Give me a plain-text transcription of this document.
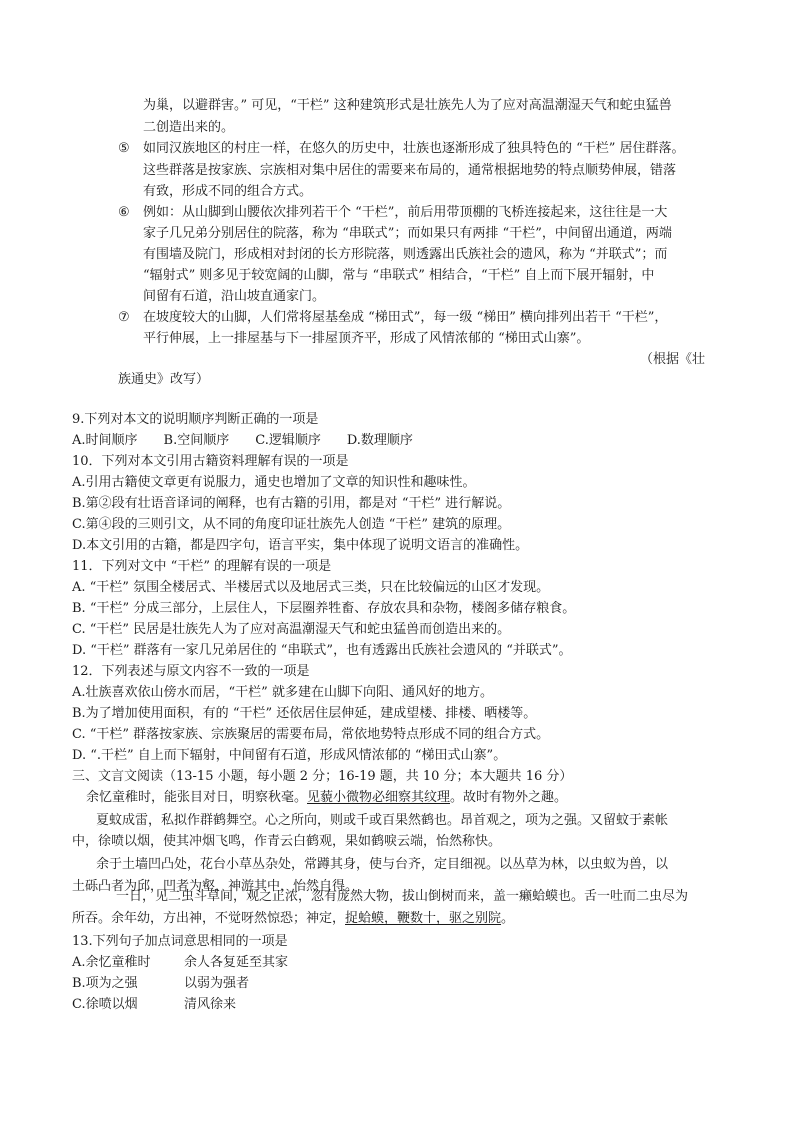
为巢，以避群害。” 可见，“干栏” 这种建筑形式是壮族先人为了应对高温潮湿天气和蛇虫猛兽
二创造出来的。
⑤ 如同汉族地区的村庄一样，在悠久的历史中，壮族也逐渐形成了独具特色的 “干栏” 居住群落。
这些群落是按家族、宗族相对集中居住的需要来布局的，通常根据地势的特点顺势伸展，错落
有致，形成不同的组合方式。
⑥ 例如：从山脚到山腰依次排列若干个 “干栏”，前后用带顶棚的飞桥连接起来，这往往是一大
家子几兄弟分别居住的院落，称为 “串联式”；而如果只有两排 “干栏”，中间留出通道，两端
有围墙及院门，形成相对封闭的长方形院落，则透露出氏族社会的遗风，称为 “并联式”；而
“辐射式” 则多见于较宽阔的山脚，常与 “串联式” 相结合，“干栏” 自上而下展开辐射，中
间留有石道，沿山坡直通家门。
⑦ 在坡度较大的山脚，人们常将屋基垒成 “梯田式”，每一级 “梯田” 横向排列出若干 “干栏”，
平行伸展，上一排屋基与下一排屋顶齐平，形成了风情浓郁的 “梯田式山寨”。
（根据《壮
族通史》改写）
9.下列对本文的说明顺序判断正确的一项是
A.时间顺序 B.空间顺序 C.逻辑顺序 D.数理顺序
10．下列对本文引用古籍资料理解有误的一项是
A.引用古籍使文章更有说服力，通史也增加了文章的知识性和趣味性。
B.第②段有壮语音译词的阐释，也有古籍的引用，都是对 “干栏” 进行解说。
C.第④段的三则引文，从不同的角度印证壮族先人创造 “干栏” 建筑的原理。
D.本文引用的古籍，都是四字句，语言平实，集中体现了说明文语言的准确性。
11．下列对文中 “干栏” 的理解有误的一项是
A. “干栏” 氛围全楼居式、半楼居式以及地居式三类，只在比较偏远的山区才发现。
B. “干栏” 分成三部分，上层住人，下层圈养牲畜、存放农具和杂物，楼阁多储存粮食。
C. “干栏” 民居是壮族先人为了应对高温潮湿天气和蛇虫猛兽而创造出来的。
D. “干栏” 群落有一家几兄弟居住的 “串联式”，也有透露出氏族社会遗风的 “并联式”。
12．下列表述与原文内容不一致的一项是
A.壮族喜欢依山傍水而居，“干栏” 就多建在山脚下向阳、通风好的地方。
B.为了增加使用面积，有的 “干栏” 还依居住层伸延，建成望楼、排楼、晒楼等。
C. “干栏” 群落按家族、宗族聚居的需要布局，常依地势特点形成不同的组合方式。
D. “.干栏” 自上而下辐射，中间留有石道，形成风情浓郁的 “梯田式山寨”。
三、文言文阅读（13-15 小题，每小题 2 分；16-19 题，共 10 分；本大题共 16 分）
余忆童稚时，能张目对日，明察秋毫。见藐小微物必细察其纹理。故时有物外之趣。
夏蚊成雷，私拟作群鹤舞空。心之所向，则或千或百果然鹤也。昂首观之，项为之强。又留蚊于素帐
中，徐喷以烟，使其冲烟飞鸣，作青云白鹤观，果如鹤唳云端，怡然称快。
余于土墙凹凸处，花台小草丛杂处，常蹲其身，使与台齐，定目细视。以丛草为林，以虫蚁为兽，以
土砾凸者为邱，凹者为壑，神游其中，怡然自得。
一日，见二虫斗草间，观之正浓，忽有庞然大物，拔山倒树而来，盖一癞蛤蟆也。舌一吐而二虫尽为
所吞。余年幼，方出神，不觉呀然惊恐；神定，捉蛤蟆，鞭数十，驱之别院。
13.下列句子加点词意思相同的一项是
A.余忆童稚时	余人各复延至其家
B.项为之强	以弱为强者
C.徐喷以烟	清风徐来
